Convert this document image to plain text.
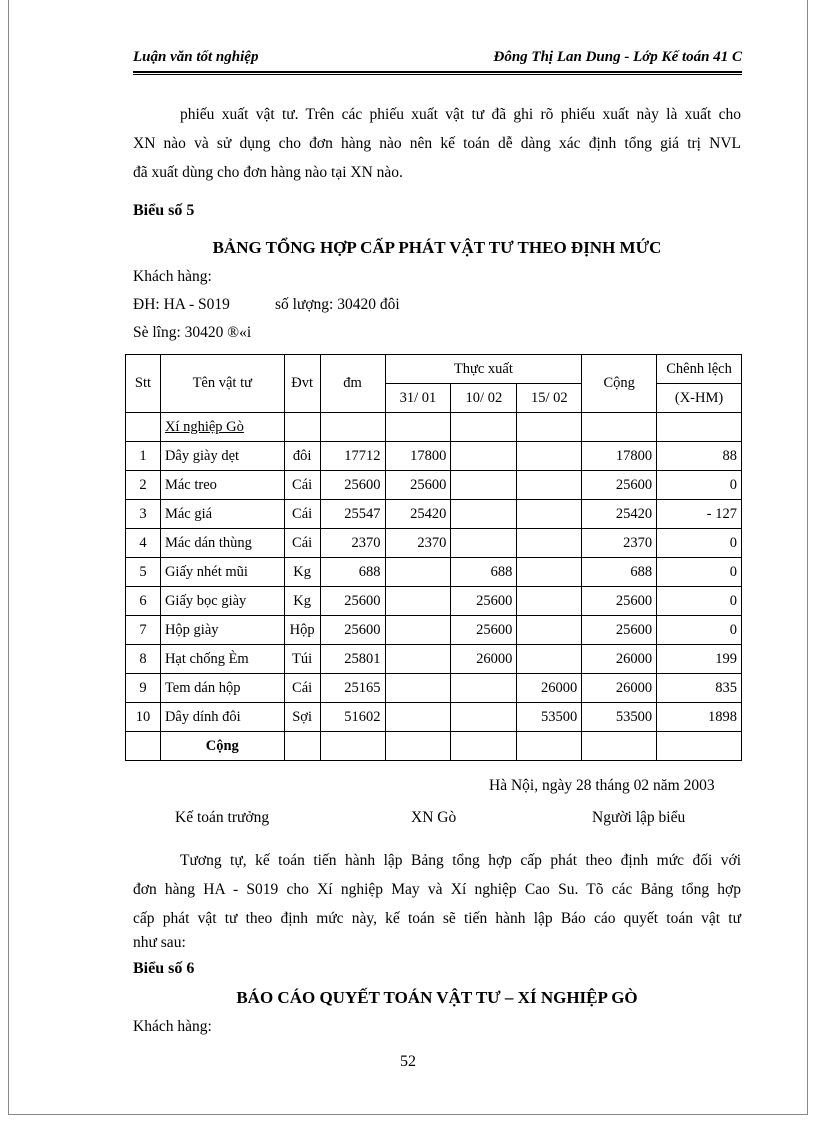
Luận văn tốt nghiệp	Đông Thị Lan Dung - Lớp Kế toán 41 C
phiếu xuất vật tư. Trên các phiếu xuất vật tư đã ghi rõ phiếu xuất này là xuất cho
XN nào và sử dụng cho đơn hàng nào nên kế toán dễ dàng xác định tổng giá trị NVL
đã xuất dùng cho đơn hàng nào tại XN nào.
Biểu số 5
BẢNG TỔNG HỢP CẤP PHÁT VẬT TƯ THEO ĐỊNH MỨC
Khách hàng:
ĐH: HA - S019	số lượng: 30420 đôi
Sè lîng: 30420 ®«i
Stt	Tên vật tư	Đvt	đm	Thực xuất			Cộng	Chênh lệch
				31/ 01	10/ 02	15/ 02		(X-HM)
	Xí nghiệp Gò							
1	Dây giày dẹt	đôi	17712	17800			17800	88
2	Mác treo	Cái	25600	25600			25600	0
3	Mác giá	Cái	25547	25420			25420	- 127
4	Mác dán thùng	Cái	2370	2370			2370	0
5	Giấy nhét mũi	Kg	688		688		688	0
6	Giấy bọc giày	Kg	25600		25600		25600	0
7	Hộp giày	Hộp	25600		25600		25600	0
8	Hạt chống Èm	Túi	25801		26000		26000	199
9	Tem dán hộp	Cái	25165			26000	26000	835
10	Dây dính đôi	Sợi	51602			53500	53500	1898
	Cộng							
Hà Nội, ngày 28 tháng 02 năm 2003
Kế toán trưởng	XN Gò	Người lập biểu
Tương tự, kế toán tiến hành lập Bảng tổng hợp cấp phát theo định mức đối với
đơn hàng HA - S019 cho Xí nghiệp May và Xí nghiệp Cao Su. Tõ các Bảng tổng hợp
cấp phát vật tư theo định mức này, kế toán sẽ tiến hành lập Báo cáo quyết toán vật tư
như sau:
Biểu số 6
BÁO CÁO QUYẾT TOÁN VẬT TƯ – XÍ NGHIỆP GÒ
Khách hàng:
52
